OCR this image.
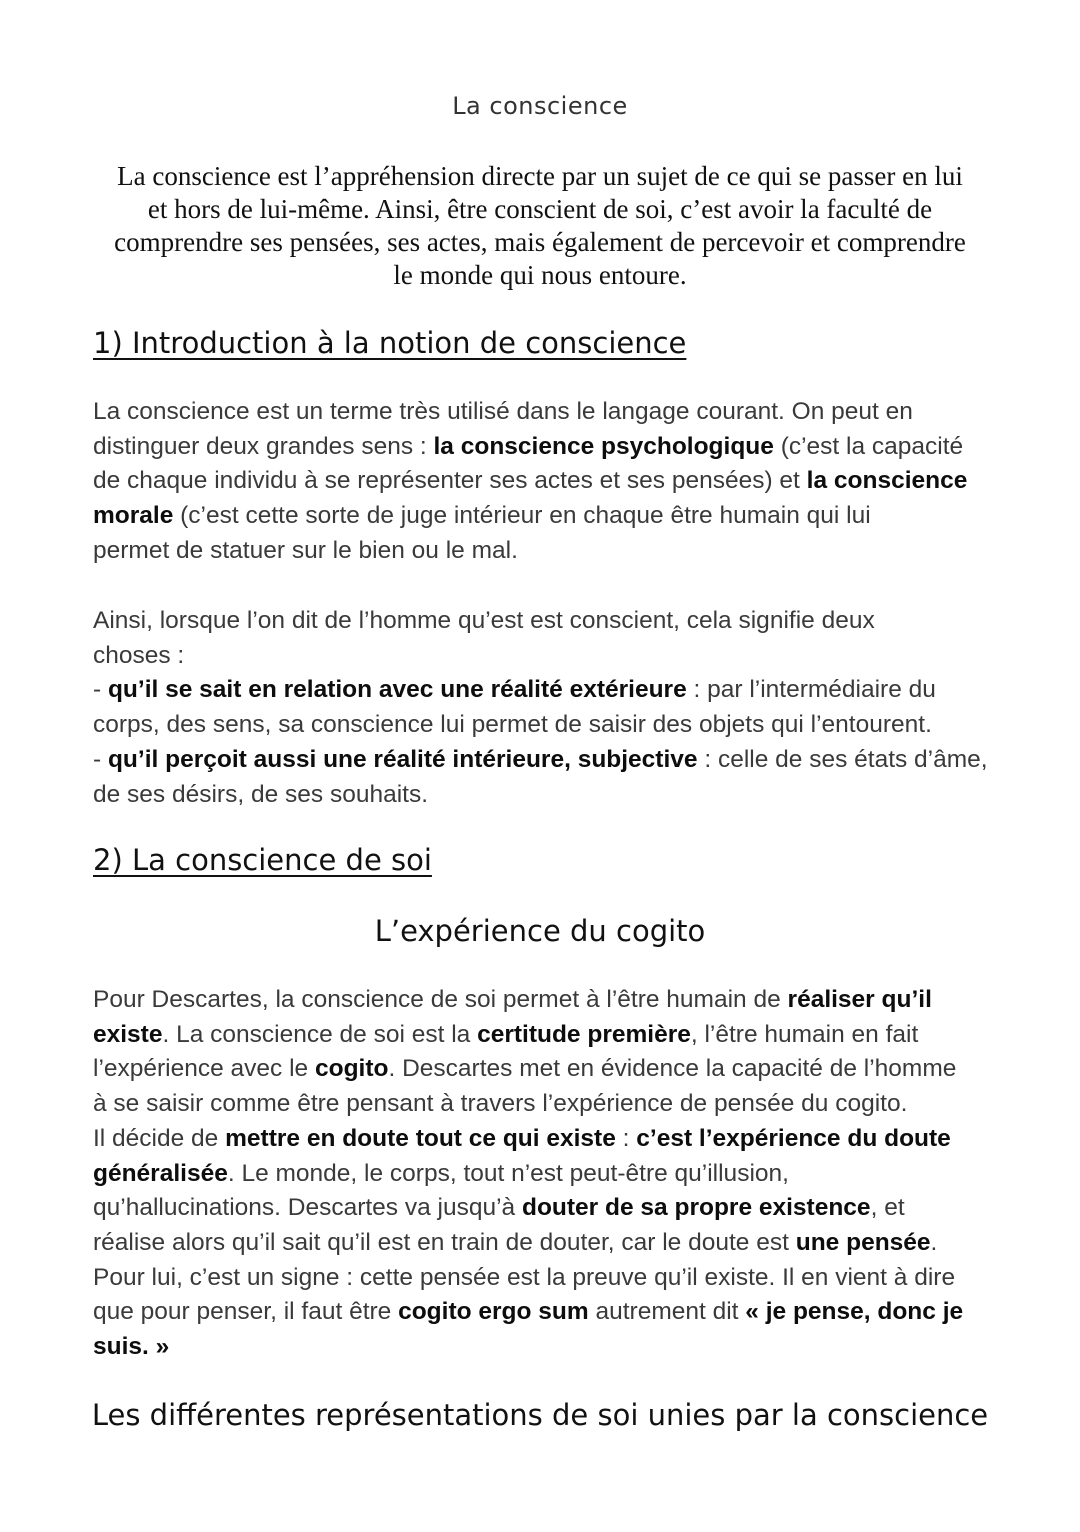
La conscience
La conscience est l’appréhension directe par un sujet de ce qui se passer en lui
et hors de lui-même. Ainsi, être conscient de soi, c’est avoir la faculté de
comprendre ses pensées, ses actes, mais également de percevoir et comprendre
le monde qui nous entoure.
1) Introduction à la notion de conscience
La conscience est un terme très utilisé dans le langage courant. On peut en
distinguer deux grandes sens : la conscience psychologique (c’est la capacité
de chaque individu à se représenter ses actes et ses pensées) et la conscience
morale (c’est cette sorte de juge intérieur en chaque être humain qui lui
permet de statuer sur le bien ou le mal.
Ainsi, lorsque l’on dit de l’homme qu’est est conscient, cela signifie deux
choses :
- qu’il se sait en relation avec une réalité extérieure : par l’intermédiaire du
corps, des sens, sa conscience lui permet de saisir des objets qui l’entourent.
- qu’il perçoit aussi une réalité intérieure, subjective : celle de ses états d’âme,
de ses désirs, de ses souhaits.
2) La conscience de soi
L’expérience du cogito
Pour Descartes, la conscience de soi permet à l’être humain de réaliser qu’il
existe. La conscience de soi est la certitude première, l’être humain en fait
l’expérience avec le cogito. Descartes met en évidence la capacité de l’homme
à se saisir comme être pensant à travers l’expérience de pensée du cogito.
Il décide de mettre en doute tout ce qui existe : c’est l’expérience du doute
généralisée. Le monde, le corps, tout n’est peut-être qu’illusion,
qu’hallucinations. Descartes va jusqu’à douter de sa propre existence, et
réalise alors qu’il sait qu’il est en train de douter, car le doute est une pensée.
Pour lui, c’est un signe : cette pensée est la preuve qu’il existe. Il en vient à dire
que pour penser, il faut être cogito ergo sum autrement dit « je pense, donc je
suis. »
Les différentes représentations de soi unies par la conscience
